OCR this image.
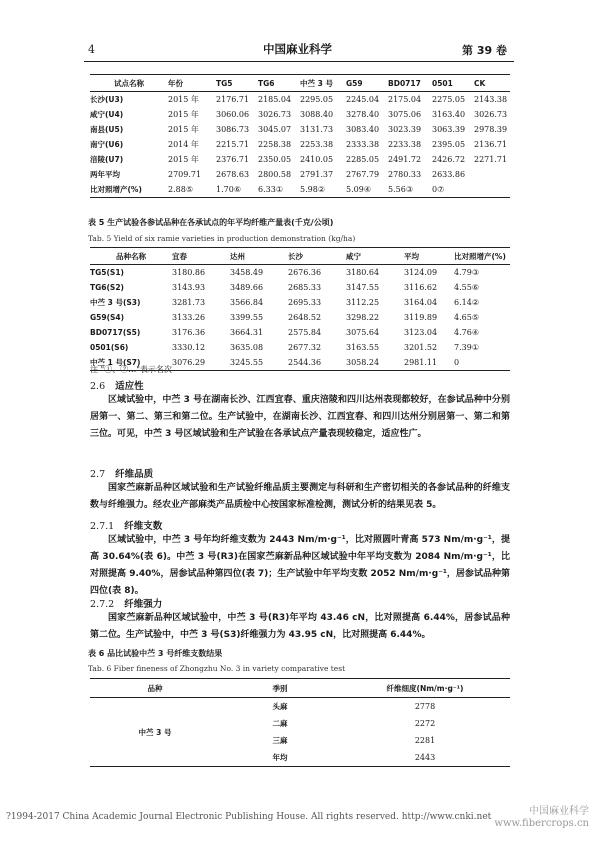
4	中国麻业科学	第 39 卷
试点名称	年份	TG5	TG6	中苎 3 号	G59	BD0717	0501	CK
长沙(U3)	2015 年	2176.71	2185.04	2295.05	2245.04	2175.04	2275.05	2143.38
咸宁(U4)	2015 年	3060.06	3026.73	3088.40	3278.40	3075.06	3163.40	3026.73
南县(U5)	2015 年	3086.73	3045.07	3131.73	3083.40	3023.39	3063.39	2978.39
南宁(U6)	2014 年	2215.71	2258.38	2253.38	2333.38	2233.38	2395.05	2136.71
涪陵(U7)	2015 年	2376.71	2350.05	2410.05	2285.05	2491.72	2426.72	2271.71
两年平均	2709.71	2678.63	2800.58	2791.37	2767.79	2780.33	2633.86	
比对照增产(%)	2.88⑤	1.70⑥	6.33①	5.98②	5.09④	5.56③	0⑦	
表 5 生产试验各参试品种在各承试点的年平均纤维产量表(千克/公顷)
Tab. 5 Yield of six ramie varieties in production demonstration (kg/ha)
品种名称	宜春	达州	长沙	咸宁	平均	比对照增产(%)
TG5(S1)	3180.86	3458.49	2676.36	3180.64	3124.09	4.79③
TG6(S2)	3143.93	3489.66	2685.33	3147.55	3116.62	4.55⑥
中苎 3 号(S3)	3281.73	3566.84	2695.33	3112.25	3164.04	6.14②
G59(S4)	3133.26	3399.55	2648.52	3298.22	3119.89	4.65⑤
BD0717(S5)	3176.36	3664.31	2575.84	3075.64	3123.04	4.76④
0501(S6)	3330.12	3635.08	2677.32	3163.55	3201.52	7.39①
中苎 1 号(S7)	3076.29	3245.55	2544.36	3058.24	2981.11	0
注 "①、②…"表示名次
2.6 适应性
区域试验中，中苎 3 号在湖南长沙、江西宜春、重庆涪陵和四川达州表现都较好，在参试品种中分别居第一、第二、第三和第二位。生产试验中，在湖南长沙、江西宜春、和四川达州分别居第一、第二和第三位。可见，中苎 3 号区域试验和生产试验在各承试点产量表现较稳定，适应性广。
2.7 纤维品质
国家苎麻新品种区域试验和生产试验纤维品质主要测定与科研和生产密切相关的各参试品种的纤维支数与纤维强力。经农业产部麻类产品质检中心按国家标准检测，测试分析的结果见表 5。
2.7.1 纤维支数
区域试验中，中苎 3 号年均纤维支数为 2443 Nm/m·g⁻¹，比对照圆叶青高 573 Nm/m·g⁻¹，提高 30.64%(表 6)。中苎 3 号(R3)在国家苎麻新品种区域试验中年平均支数为 2084 Nm/m·g⁻¹，比对照提高 9.40%，居参试品种第四位(表 7)；生产试验中年平均支数 2052 Nm/m·g⁻¹，居参试品种第四位(表 8)。
2.7.2 纤维强力
国家苎麻新品种区域试验中，中苎 3 号(R3)年平均 43.46 cN，比对照提高 6.44%，居参试品种第二位。生产试验中，中苎 3 号(S3)纤维强力为 43.95 cN，比对照提高 6.44%。
表 6 品比试验中苎 3 号纤维支数结果
Tab. 6 Fiber fineness of Zhongzhu No. 3 in variety comparative test
品种	季别	纤维细度(Nm/m·g⁻¹)
中苎 3 号	头麻	2778
	二麻	2272
	三麻	2281
	年均	2443
?1994-2017 China Academic Journal Electronic Publishing House. All rights reserved. http://www.cnki.net	中国麻业科学
www.fibercrops.cn
